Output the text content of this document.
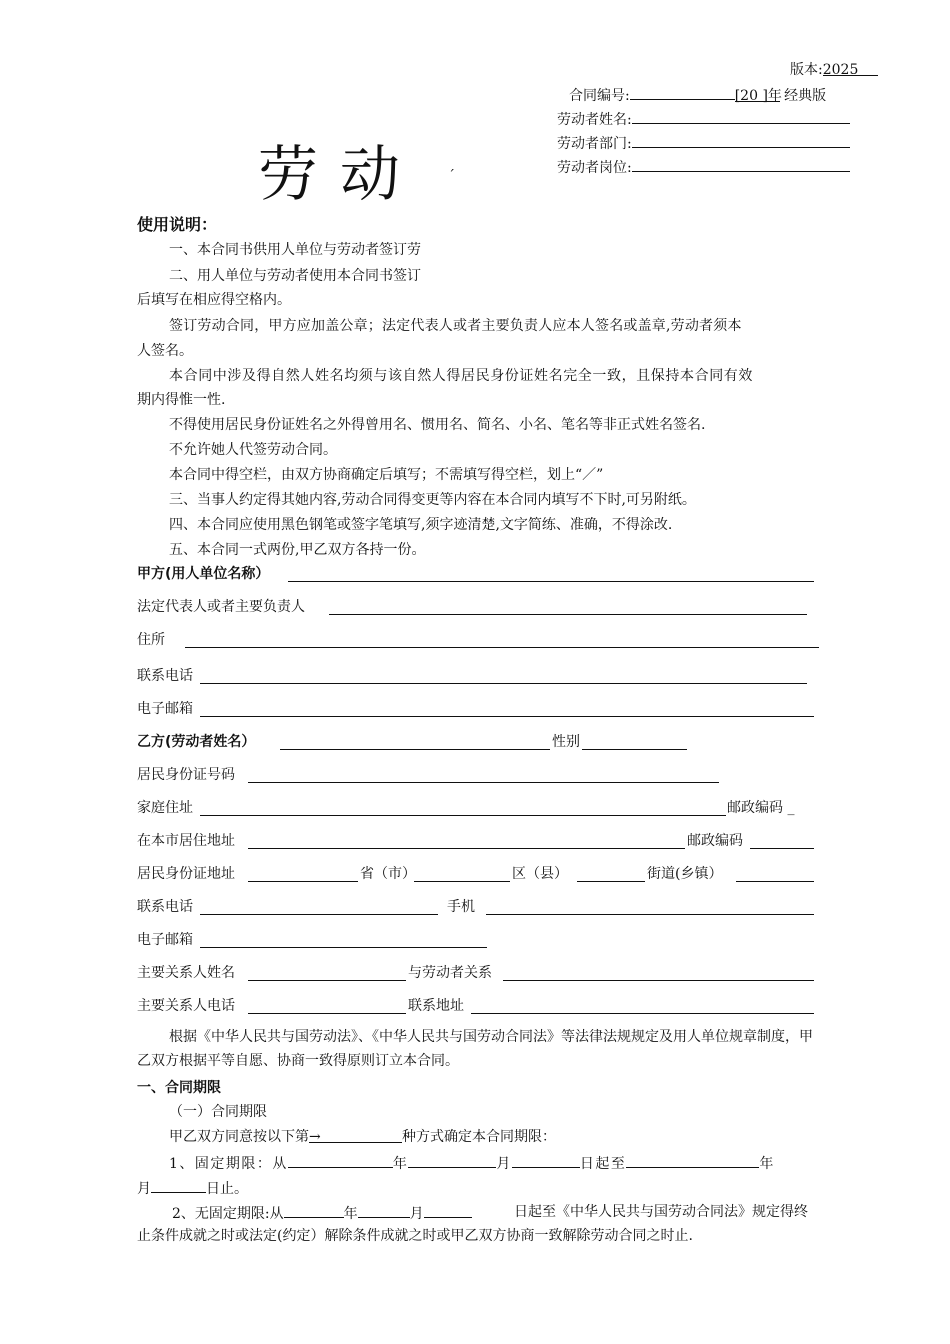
版本:2025
合同编号:	[20 ]年 经典版
劳动者姓名:
劳动者部门:
劳动者岗位:
劳动 ˊ
使用说明：
一、本合同书供用人单位与劳动者签订劳
二、用人单位与劳动者使用本合同书签订
后填写在相应得空格内。
签订劳动合同，甲方应加盖公章；法定代表人或者主要负责人应本人签名或盖章,劳动者须本
人签名。
本合同中涉及得自然人姓名均须与该自然人得居民身份证姓名完全一致，且保持本合同有效
期内得惟一性.
不得使用居民身份证姓名之外得曾用名、惯用名、简名、小名、笔名等非正式姓名签名.
不允许她人代签劳动合同。
本合同中得空栏，由双方协商确定后填写；不需填写得空栏，划上“／”
三、当事人约定得其她内容,劳动合同得变更等内容在本合同内填写不下时,可另附纸。
四、本合同应使用黑色钢笔或签字笔填写,须字迹清楚,文字简练、准确，不得涂改.
五、本合同一式两份,甲乙双方各持一份。
甲方(用人单位名称）
法定代表人或者主要负责人
住所
联系电话
电子邮箱
乙方(劳动者姓名）	性别
居民身份证号码
家庭住址	邮政编码 _
在本市居住地址	邮政编码
居民身份证地址	省（市）	区（县）	街道(乡镇）
联系电话	手机
电子邮箱
主要关系人姓名	与劳动者关系
主要关系人电话	联系地址
根据《中华人民共与国劳动法》、《中华人民共与国劳动合同法》等法律法规规定及用人单位规章制度，甲乙双方根据平等自愿、协商一致得原则订立本合同。
一、合同期限
（一）合同期限
甲乙双方同意按以下第→	种方式确定本合同期限：
1、固定期限：从	年	月	日起至	年
月	日止。
2、无固定期限:从	年	月	日起至《中华人民共与国劳动合同法》规定得终止条件成就之时或法定(约定）解除条件成就之时或甲乙双方协商一致解除劳动合同之时止.
